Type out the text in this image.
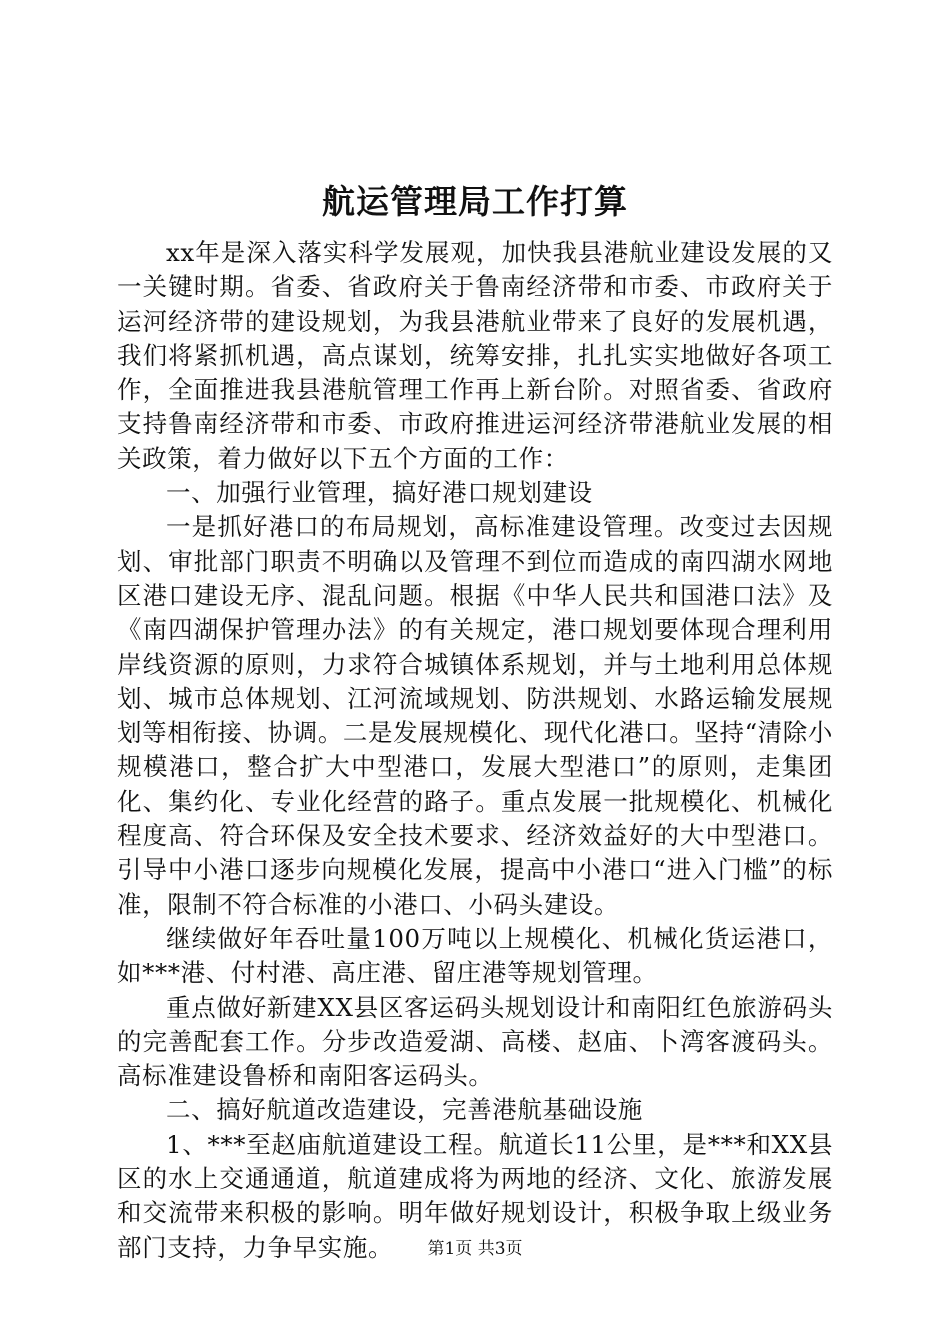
航运管理局工作打算

xx年是深入落实科学发展观，加快我县港航业建设发展的又一关键时期。省委、省政府关于鲁南经济带和市委、市政府关于运河经济带的建设规划，为我县港航业带来了良好的发展机遇，我们将紧抓机遇，高点谋划，统筹安排，扎扎实实地做好各项工作，全面推进我县港航管理工作再上新台阶。对照省委、省政府支持鲁南经济带和市委、市政府推进运河经济带港航业发展的相关政策，着力做好以下五个方面的工作：

一、加强行业管理，搞好港口规划建设

一是抓好港口的布局规划，高标准建设管理。改变过去因规划、审批部门职责不明确以及管理不到位而造成的南四湖水网地区港口建设无序、混乱问题。根据《中华人民共和国港口法》及《南四湖保护管理办法》的有关规定，港口规划要体现合理利用岸线资源的原则，力求符合城镇体系规划，并与土地利用总体规划、城市总体规划、江河流域规划、防洪规划、水路运输发展规划等相衔接、协调。二是发展规模化、现代化港口。坚持“清除小规模港口，整合扩大中型港口，发展大型港口”的原则，走集团化、集约化、专业化经营的路子。重点发展一批规模化、机械化程度高、符合环保及安全技术要求、经济效益好的大中型港口。引导中小港口逐步向规模化发展，提高中小港口“进入门槛”的标准，限制不符合标准的小港口、小码头建设。

继续做好年吞吐量100万吨以上规模化、机械化货运港口，如***港、付村港、高庄港、留庄港等规划管理。

重点做好新建XX县区客运码头规划设计和南阳红色旅游码头的完善配套工作。分步改造爱湖、高楼、赵庙、卜湾客渡码头。高标准建设鲁桥和南阳客运码头。

二、搞好航道改造建设，完善港航基础设施

1、***至赵庙航道建设工程。航道长11公里，是***和XX县区的水上交通通道，航道建成将为两地的经济、文化、旅游发展和交流带来积极的影响。明年做好规划设计，积极争取上级业务部门支持，力争早实施。	第1页 共3页
